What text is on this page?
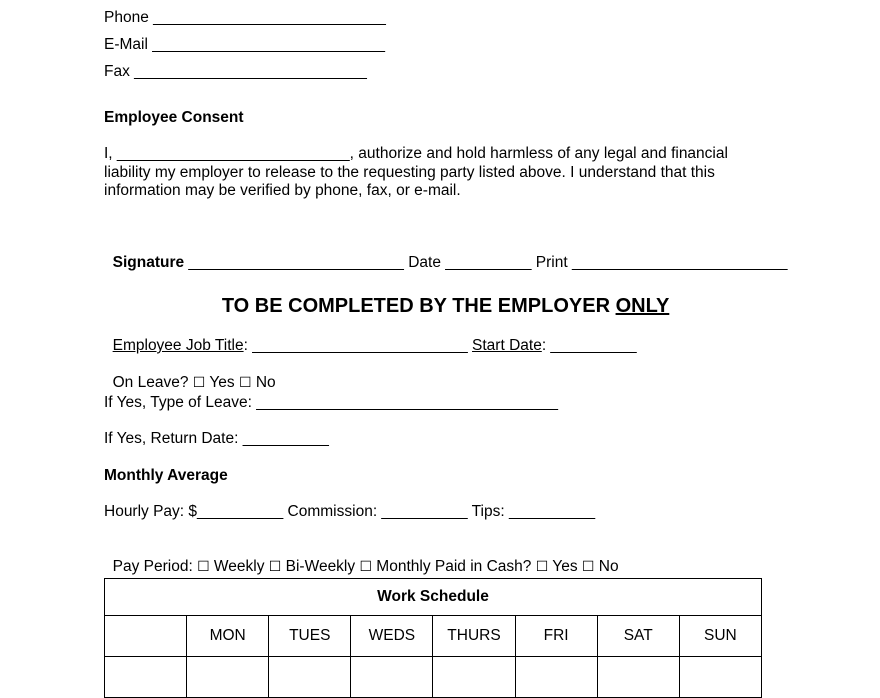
Phone ___________________________
E-Mail ___________________________
Fax ___________________________
Employee Consent
I, ___________________________, authorize and hold harmless of any legal and financial
liability my employer to release to the requesting party listed above. I understand that this
information may be verified by phone, fax, or e-mail.

Signature _________________________ Date __________ Print _________________________

TO BE COMPLETED BY THE EMPLOYER ONLY

Employee Job Title: _________________________ Start Date: __________

On Leave? ☐ Yes ☐ No

If Yes, Type of Leave: ___________________________________
If Yes, Return Date: __________
Monthly Average
Hourly Pay: $__________ Commission: __________ Tips: __________

Pay Period: ☐ Weekly ☐ Bi-Weekly ☐ Monthly Paid in Cash? ☐ Yes ☐ No

Work Schedule							
	MON	TUES	WEDS	THURS	FRI	SAT	SUN
